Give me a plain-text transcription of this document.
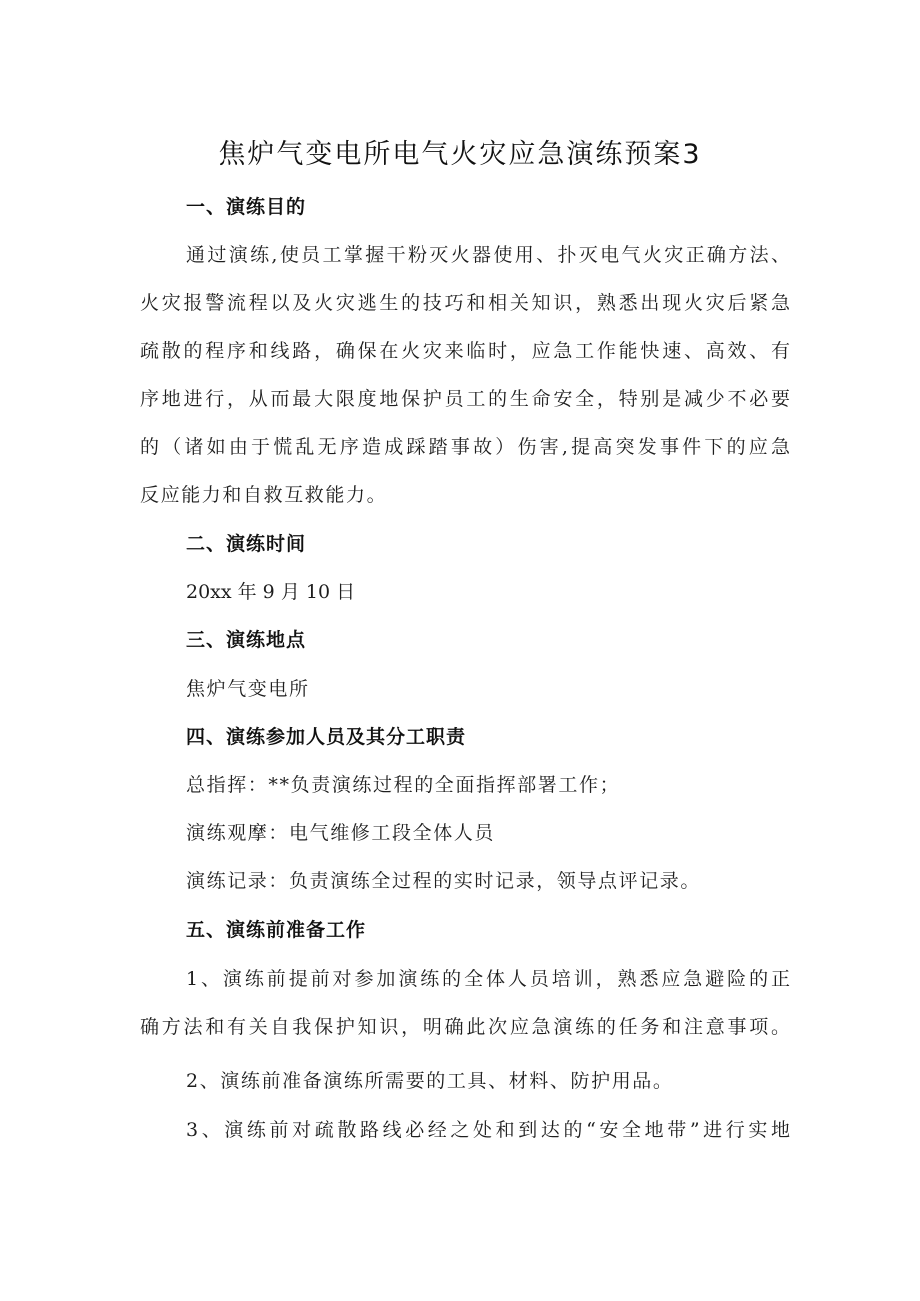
焦炉气变电所电气火灾应急演练预案3
一、演练目的
通过演练,使员工掌握干粉灭火器使用、扑灭电气火灾正确方法、
火灾报警流程以及火灾逃生的技巧和相关知识，熟悉出现火灾后紧急
疏散的程序和线路，确保在火灾来临时，应急工作能快速、高效、有
序地进行，从而最大限度地保护员工的生命安全，特别是减少不必要
的（诸如由于慌乱无序造成踩踏事故）伤害,提高突发事件下的应急
反应能力和自救互救能力。
二、演练时间
20xx 年 9 月 10 日
三、演练地点
焦炉气变电所
四、演练参加人员及其分工职责
总指挥：**负责演练过程的全面指挥部署工作；
演练观摩：电气维修工段全体人员
演练记录：负责演练全过程的实时记录，领导点评记录。
五、演练前准备工作
1、演练前提前对参加演练的全体人员培训，熟悉应急避险的正
确方法和有关自我保护知识，明确此次应急演练的任务和注意事项。
2、演练前准备演练所需要的工具、材料、防护用品。
3、演练前对疏散路线必经之处和到达的“安全地带”进行实地
